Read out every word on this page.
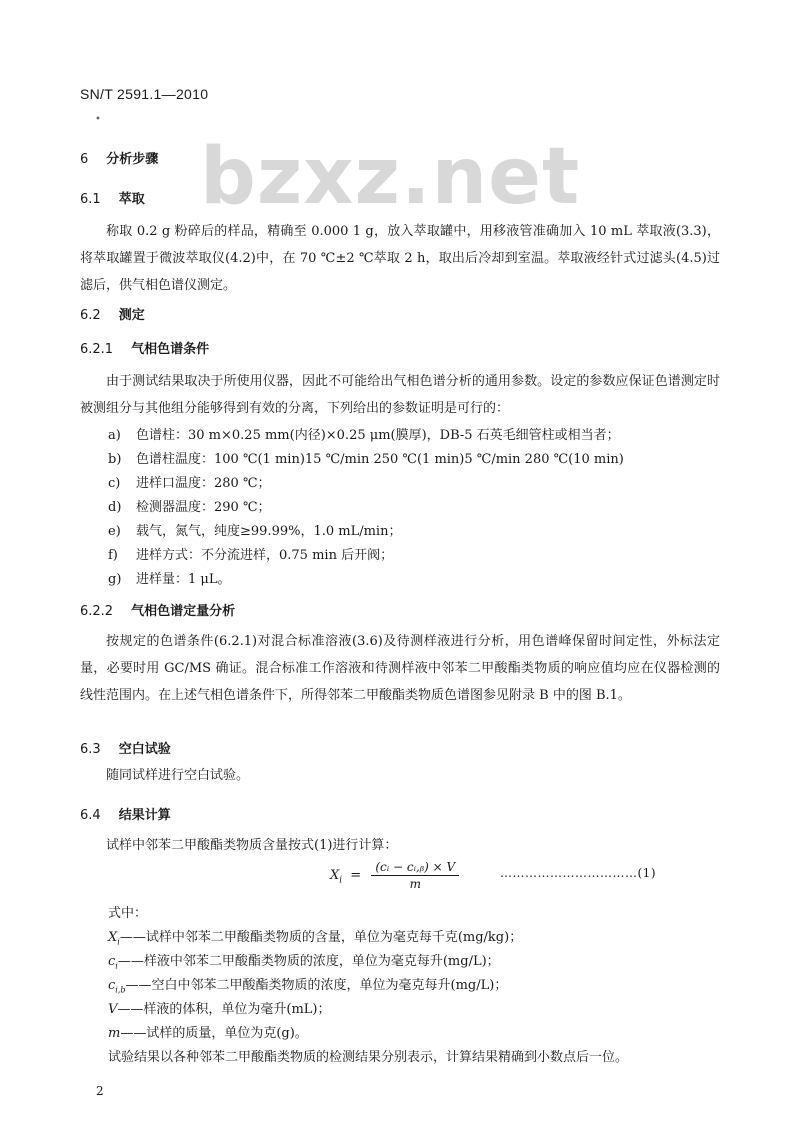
SN/T 2591.1—2010
•
bzxz.net
6 分析步骤
6.1 萃取
称取 0.2 g 粉碎后的样品，精确至 0.000 1 g，放入萃取罐中，用移液管准确加入 10 mL 萃取液(3.3)，将萃取罐置于微波萃取仪(4.2)中，在 70 ℃±2 ℃萃取 2 h，取出后冷却到室温。萃取液经针式过滤头(4.5)过滤后，供气相色谱仪测定。
6.2 测定
6.2.1 气相色谱条件
由于测试结果取决于所使用仪器，因此不可能给出气相色谱分析的通用参数。设定的参数应保证色谱测定时被测组分与其他组分能够得到有效的分离，下列给出的参数证明是可行的：
a) 色谱柱：30 m×0.25 mm(内径)×0.25 μm(膜厚)，DB-5 石英毛细管柱或相当者；
b) 色谱柱温度：100 ℃(1 min)15 ℃/min 250 ℃(1 min)5 ℃/min 280 ℃(10 min)
c) 进样口温度：280 ℃；
d) 检测器温度：290 ℃；
e) 载气，氮气，纯度≥99.99%，1.0 mL/min；
f) 进样方式：不分流进样，0.75 min 后开阀；
g) 进样量：1 μL。
6.2.2 气相色谱定量分析
按规定的色谱条件(6.2.1)对混合标准溶液(3.6)及待测样液进行分析，用色谱峰保留时间定性，外标法定量，必要时用 GC/MS 确证。混合标准工作溶液和待测样液中邻苯二甲酸酯类物质的响应值均应在仪器检测的线性范围内。在上述气相色谱条件下，所得邻苯二甲酸酯类物质色谱图参见附录 B 中的图 B.1。
6.3 空白试验
随同试样进行空白试验。
6.4 结果计算
试样中邻苯二甲酸酯类物质含量按式(1)进行计算：
$X_i = \frac{\text{(cᵢ − cᵢ,ᵦ) × V}}{m}$	……………………………(1)
式中：
$X_i——$试样中邻苯二甲酸酯类物质的含量，单位为毫克每千克(mg/kg)；
$c_i——$样液中邻苯二甲酸酯类物质的浓度，单位为毫克每升(mg/L)；
$c_{i,b}——$空白中邻苯二甲酸酯类物质的浓度，单位为毫克每升(mg/L)；
V——样液的体积，单位为毫升(mL)；
m——试样的质量，单位为克(g)。
试验结果以各种邻苯二甲酸酯类物质的检测结果分别表示，计算结果精确到小数点后一位。
2
